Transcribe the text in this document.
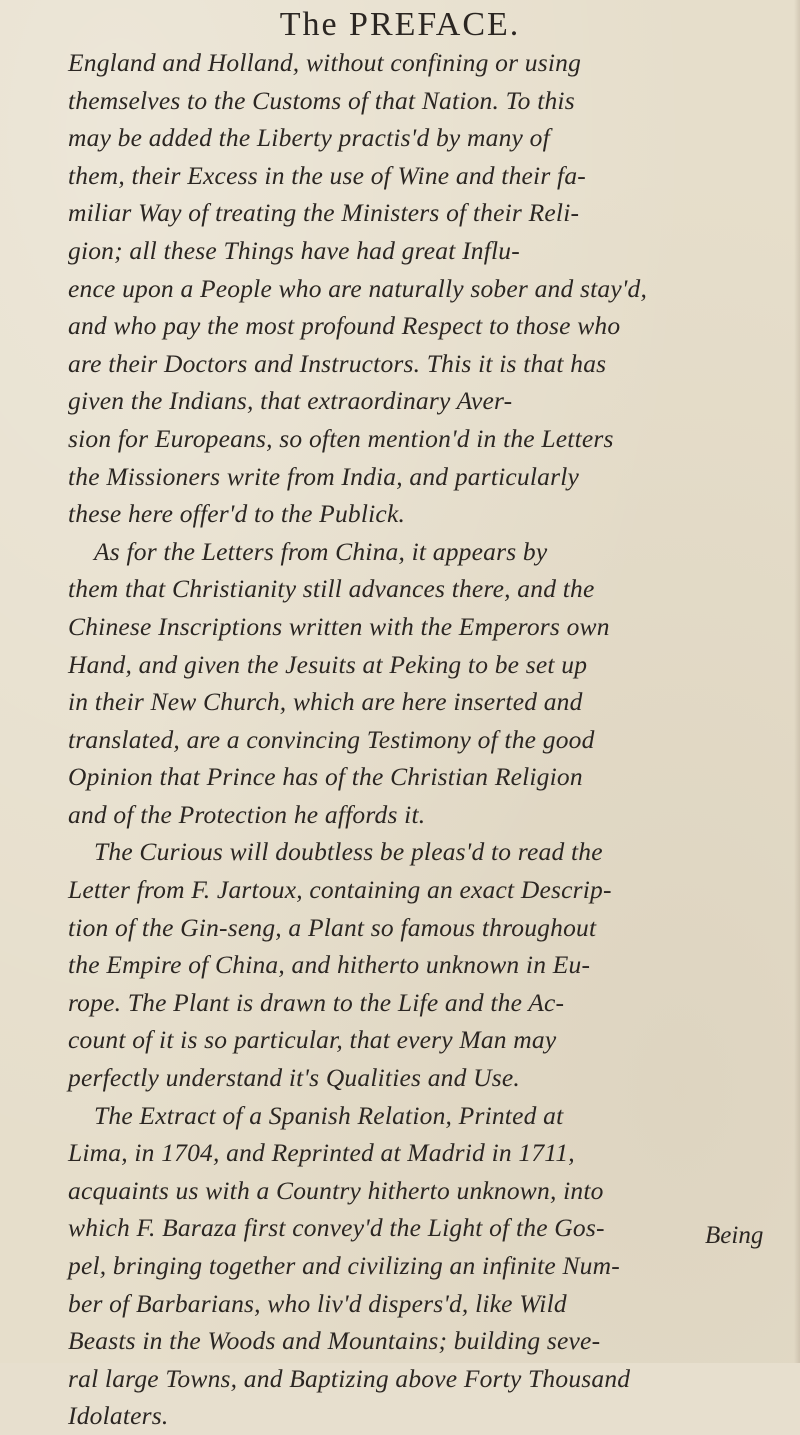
The PREFACE.
England and Holland, without confining or using
themselves to the Customs of that Nation. To this
may be added the Liberty practis'd by many of
them, their Excess in the use of Wine and their fa-
miliar Way of treating the Ministers of their Reli-
gion; all these Things have had great Influ-
ence upon a People who are naturally sober and stay'd,
and who pay the most profound Respect to those who
are their Doctors and Instructors. This it is that has
given the Indians, that extraordinary Aver-
sion for Europeans, so often mention'd in the Letters
the Missioners write from India, and particularly
these here offer'd to the Publick.
As for the Letters from China, it appears by
them that Christianity still advances there, and the
Chinese Inscriptions written with the Emperors own
Hand, and given the Jesuits at Peking to be set up
in their New Church, which are here inserted and
translated, are a convincing Testimony of the good
Opinion that Prince has of the Christian Religion
and of the Protection he affords it.
The Curious will doubtless be pleas'd to read the
Letter from F. Jartoux, containing an exact Descrip-
tion of the Gin-seng, a Plant so famous throughout
the Empire of China, and hitherto unknown in Eu-
rope. The Plant is drawn to the Life and the Ac-
count of it is so particular, that every Man may
perfectly understand it's Qualities and Use.
The Extract of a Spanish Relation, Printed at
Lima, in 1704, and Reprinted at Madrid in 1711,
acquaints us with a Country hitherto unknown, into
which F. Baraza first convey'd the Light of the Gos-
pel, bringing together and civilizing an infinite Num-
ber of Barbarians, who liv'd dispers'd, like Wild
Beasts in the Woods and Mountains; building seve-
ral large Towns, and Baptizing above Forty Thousand
Idolaters.
Being
